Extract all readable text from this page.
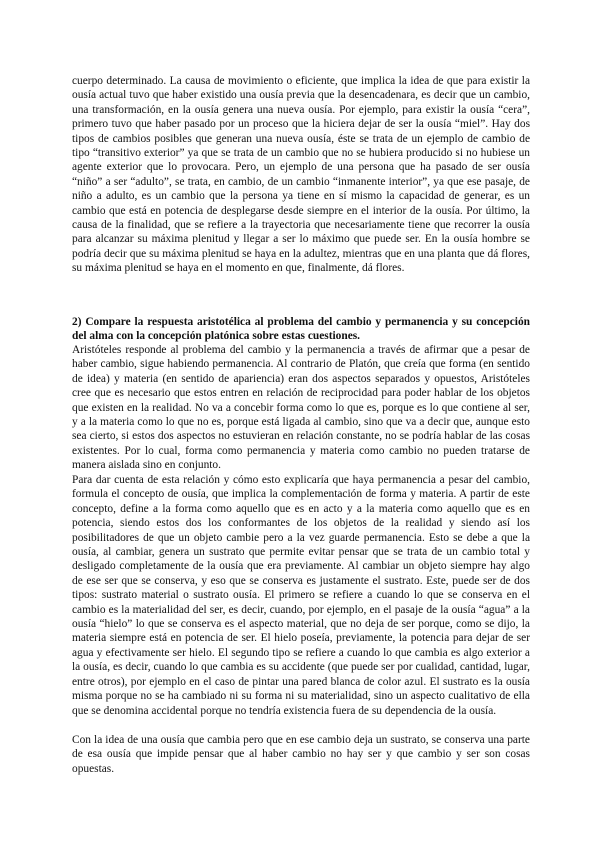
cuerpo determinado. La causa de movimiento o eficiente, que implica la idea de que para existir la ousía actual tuvo que haber existido una ousía previa que la desencadenara, es decir que un cambio, una transformación, en la ousía genera una nueva ousía. Por ejemplo, para existir la ousía “cera”, primero tuvo que haber pasado por un proceso que la hiciera dejar de ser la ousía “miel”. Hay dos tipos de cambios posibles que generan una nueva ousía, éste se trata de un ejemplo de cambio de tipo “transitivo exterior” ya que se trata de un cambio que no se hubiera producido si no hubiese un agente exterior que lo provocara. Pero, un ejemplo de una persona que ha pasado de ser ousía “niño” a ser “adulto”, se trata, en cambio, de un cambio “inmanente interior”, ya que ese pasaje, de niño a adulto, es un cambio que la persona ya tiene en sí mismo la capacidad de generar, es un cambio que está en potencia de desplegarse desde siempre en el interior de la ousía. Por último, la causa de la finalidad, que se refiere a la trayectoria que necesariamente tiene que recorrer la ousía para alcanzar su máxima plenitud y llegar a ser lo máximo que puede ser. En la ousía hombre se podría decir que su máxima plenitud se haya en la adultez, mientras que en una planta que dá flores, su máxima plenitud se haya en el momento en que, finalmente, dá flores.

2) Compare la respuesta aristotélica al problema del cambio y permanencia y su concepción del alma con la concepción platónica sobre estas cuestiones.

Aristóteles responde al problema del cambio y la permanencia a través de afirmar que a pesar de haber cambio, sigue habiendo permanencia. Al contrario de Platón, que creía que forma (en sentido de idea) y materia (en sentido de apariencia) eran dos aspectos separados y opuestos, Aristóteles cree que es necesario que estos entren en relación de reciprocidad para poder hablar de los objetos que existen en la realidad. No va a concebir forma como lo que es, porque es lo que contiene al ser, y a la materia como lo que no es, porque está ligada al cambio, sino que va a decir que, aunque esto sea cierto, si estos dos aspectos no estuvieran en relación constante, no se podría hablar de las cosas existentes. Por lo cual, forma como permanencia y materia como cambio no pueden tratarse de manera aislada sino en conjunto.

Para dar cuenta de esta relación y cómo esto explicaría que haya permanencia a pesar del cambio, formula el concepto de ousía, que implica la complementación de forma y materia. A partir de este concepto, define a la forma como aquello que es en acto y a la materia como aquello que es en potencia, siendo estos dos los conformantes de los objetos de la realidad y siendo así los posibilitadores de que un objeto cambie pero a la vez guarde permanencia. Esto se debe a que la ousía, al cambiar, genera un sustrato que permite evitar pensar que se trata de un cambio total y desligado completamente de la ousía que era previamente. Al cambiar un objeto siempre hay algo de ese ser que se conserva, y eso que se conserva es justamente el sustrato. Este, puede ser de dos tipos: sustrato material o sustrato ousía. El primero se refiere a cuando lo que se conserva en el cambio es la materialidad del ser, es decir, cuando, por ejemplo, en el pasaje de la ousía “agua” a la ousía “hielo” lo que se conserva es el aspecto material, que no deja de ser porque, como se dijo, la materia siempre está en potencia de ser. El hielo poseía, previamente, la potencia para dejar de ser agua y efectivamente ser hielo. El segundo tipo se refiere a cuando lo que cambia es algo exterior a la ousía, es decir, cuando lo que cambia es su accidente (que puede ser por cualidad, cantidad, lugar, entre otros), por ejemplo en el caso de pintar una pared blanca de color azul. El sustrato es la ousía misma porque no se ha cambiado ni su forma ni su materialidad, sino un aspecto cualitativo de ella que se denomina accidental porque no tendría existencia fuera de su dependencia de la ousía.

Con la idea de una ousía que cambia pero que en ese cambio deja un sustrato, se conserva una parte de esa ousía que impide pensar que al haber cambio no hay ser y que cambio y ser son cosas opuestas.
